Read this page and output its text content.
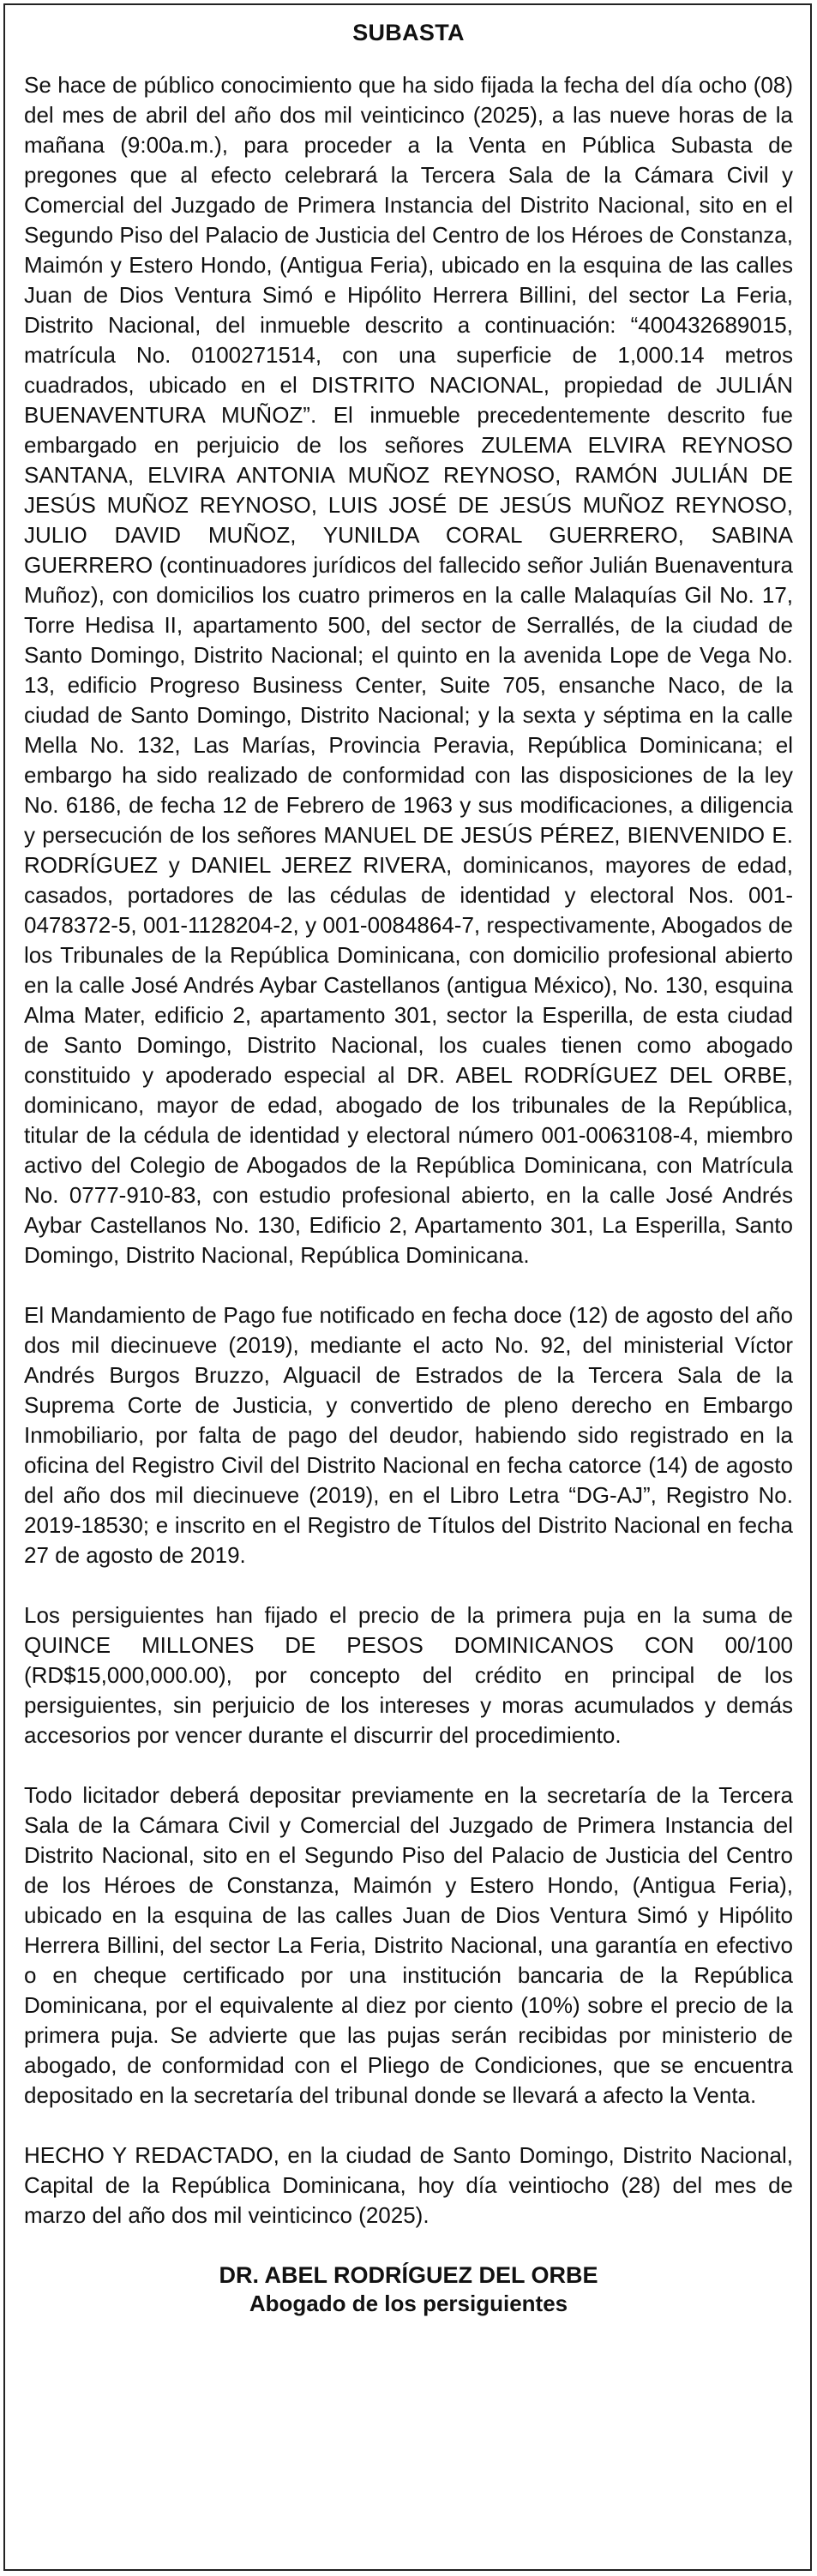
SUBASTA

Se hace de público conocimiento que ha sido fijada la fecha del día ocho (08) del mes de abril del año dos mil veinticinco (2025), a las nueve horas de la mañana (9:00a.m.), para proceder a la Venta en Pública Subasta de pregones que al efecto celebrará la Tercera Sala de la Cámara Civil y Comercial del Juzgado de Primera Instancia del Distrito Nacional, sito en el Segundo Piso del Palacio de Justicia del Centro de los Héroes de Constanza, Maimón y Estero Hondo, (Antigua Feria), ubicado en la esquina de las calles Juan de Dios Ventura Simó e Hipólito Herrera Billini, del sector La Feria, Distrito Nacional, del inmueble descrito a continuación: “400432689015, matrícula No. 0100271514, con una superficie de 1,000.14 metros cuadrados, ubicado en el DISTRITO NACIONAL, propiedad de JULIÁN BUENAVENTURA MUÑOZ”. El inmueble precedentemente descrito fue embargado en perjuicio de los señores ZULEMA ELVIRA REYNOSO SANTANA, ELVIRA ANTONIA MUÑOZ REYNOSO, RAMÓN JULIÁN DE JESÚS MUÑOZ REYNOSO, LUIS JOSÉ DE JESÚS MUÑOZ REYNOSO, JULIO DAVID MUÑOZ, YUNILDA CORAL GUERRERO, SABINA GUERRERO (continuadores jurídicos del fallecido señor Julián Buenaventura Muñoz), con domicilios los cuatro primeros en la calle Malaquías Gil No. 17, Torre Hedisa II, apartamento 500, del sector de Serrallés, de la ciudad de Santo Domingo, Distrito Nacional; el quinto en la avenida Lope de Vega No. 13, edificio Progreso Business Center, Suite 705, ensanche Naco, de la ciudad de Santo Domingo, Distrito Nacional; y la sexta y séptima en la calle Mella No. 132, Las Marías, Provincia Peravia, República Dominicana; el embargo ha sido realizado de conformidad con las disposiciones de la ley No. 6186, de fecha 12 de Febrero de 1963 y sus modificaciones, a diligencia y persecución de los señores MANUEL DE JESÚS PÉREZ, BIENVENIDO E. RODRÍGUEZ y DANIEL JEREZ RIVERA, dominicanos, mayores de edad, casados, portadores de las cédulas de identidad y electoral Nos. 001-0478372-5, 001-1128204-2, y 001-0084864-7, respectivamente, Abogados de los Tribunales de la República Dominicana, con domicilio profesional abierto en la calle José Andrés Aybar Castellanos (antigua México), No. 130, esquina Alma Mater, edificio 2, apartamento 301, sector la Esperilla, de esta ciudad de Santo Domingo, Distrito Nacional, los cuales tienen como abogado constituido y apoderado especial al DR. ABEL RODRÍGUEZ DEL ORBE, dominicano, mayor de edad, abogado de los tribunales de la República, titular de la cédula de identidad y electoral número 001-0063108-4, miembro activo del Colegio de Abogados de la República Dominicana, con Matrícula No. 0777-910-83, con estudio profesional abierto, en la calle José Andrés Aybar Castellanos No. 130, Edificio 2, Apartamento 301, La Esperilla, Santo Domingo, Distrito Nacional, República Dominicana.

El Mandamiento de Pago fue notificado en fecha doce (12) de agosto del año dos mil diecinueve (2019), mediante el acto No. 92, del ministerial Víctor Andrés Burgos Bruzzo, Alguacil de Estrados de la Tercera Sala de la Suprema Corte de Justicia, y convertido de pleno derecho en Embargo Inmobiliario, por falta de pago del deudor, habiendo sido registrado en la oficina del Registro Civil del Distrito Nacional en fecha catorce (14) de agosto del año dos mil diecinueve (2019), en el Libro Letra “DG-AJ”, Registro No. 2019-18530; e inscrito en el Registro de Títulos del Distrito Nacional en fecha 27 de agosto de 2019.

Los persiguientes han fijado el precio de la primera puja en la suma de QUINCE MILLONES DE PESOS DOMINICANOS CON 00/100 (RD$15,000,000.00), por concepto del crédito en principal de los persiguientes, sin perjuicio de los intereses y moras acumulados y demás accesorios por vencer durante el discurrir del procedimiento.

Todo licitador deberá depositar previamente en la secretaría de la Tercera Sala de la Cámara Civil y Comercial del Juzgado de Primera Instancia del Distrito Nacional, sito en el Segundo Piso del Palacio de Justicia del Centro de los Héroes de Constanza, Maimón y Estero Hondo, (Antigua Feria), ubicado en la esquina de las calles Juan de Dios Ventura Simó y Hipólito Herrera Billini, del sector La Feria, Distrito Nacional, una garantía en efectivo o en cheque certificado por una institución bancaria de la República Dominicana, por el equivalente al diez por ciento (10%) sobre el precio de la primera puja. Se advierte que las pujas serán recibidas por ministerio de abogado, de conformidad con el Pliego de Condiciones, que se encuentra depositado en la secretaría del tribunal donde se llevará a afecto la Venta.

HECHO Y REDACTADO, en la ciudad de Santo Domingo, Distrito Nacional, Capital de la República Dominicana, hoy día veintiocho (28) del mes de marzo del año dos mil veinticinco (2025).

DR. ABEL RODRÍGUEZ DEL ORBE
Abogado de los persiguientes
